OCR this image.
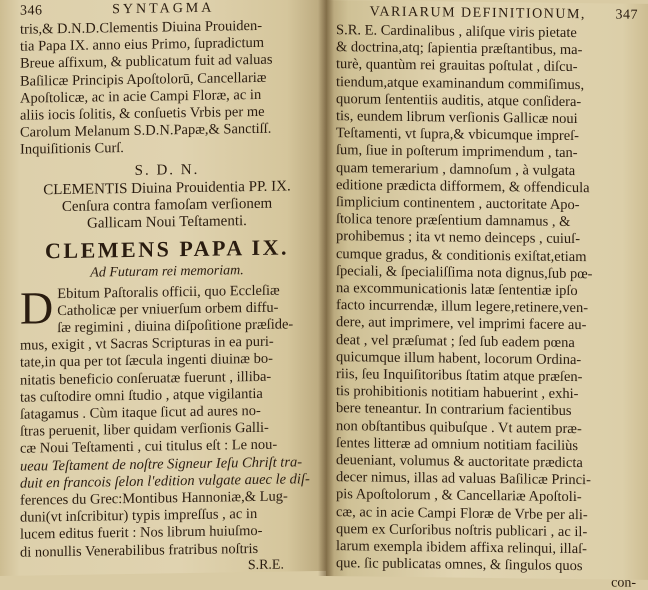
346	SYNTAGMA
tris,& D.N.D.Clementis Diuina Prouiden-
tia Papa IX. anno eius Primo, ſupradictum
Breue aſfixum, & publicatum fuit ad valuas
Baſilicæ Principis Apoſtolorū, Cancellariæ
Apoſtolicæ, ac in acie Campi Floræ, ac in
aliis iocis ſolitis, & conſuetis Vrbis per me
Carolum Melanum S.D.N.Papæ,& Sanctiſſ.
Inquiſitionis Curſ.
S. D. N.
CLEMENTIS Diuina Prouidentia PP. IX.
Cenſura contra famoſam verſionem
Gallicam Noui Teſtamenti.
CLEMENS PAPA IX.
Ad Futuram rei memoriam.
D Ebitum Paſtoralis officii, quo Eccleſiæ
Catholicæ per vniuerſum orbem diffu-
ſæ regimini , diuina diſpoſitione præſide-
mus, exigit , vt Sacras Scripturas in ea puri-
tate,in qua per tot ſæcula ingenti diuinæ bo-
nitatis beneficio conſeruatæ fuerunt , illiba-
tas cuſtodire omni ſtudio , atque vigilantia
ſatagamus . Cùm itaque ſicut ad aures no-
ſtras peruenit, liber quidam verſionis Galli-
cæ Noui Teſtamenti , cui titulus eſt : Le nou-
ueau Teſtament de noſtre Signeur Ieſu Chriſt tra-
duit en francois ſelon l'edition vulgate auec le diſ-
ferences du Grec:Montibus Hannoniæ,& Lug-
duni(vt inſcribitur) typis impreſſus , ac in
lucem editus fuerit : Nos librum huiuſmo-
di nonullis Venerabilibus fratribus noſtris
S.R.E.
VARIARUM DEFINITIONUM, 347
S.R. E. Cardinalibus , aliſque viris pietate
& doctrina,atq; ſapientia præſtantibus, ma-
turè, quantùm rei grauitas poſtulat , diſcu-
tiendum,atque examinandum commiſimus,
quorum ſententiis auditis, atque conſidera-
tis, eundem librum verſionis Gallicæ noui
Teſtamenti, vt ſupra,& vbicumque impreſ-
ſum, ſiue in poſterum imprimendum , tan-
quam temerarium , damnoſum , à vulgata
editione prædicta difformem, & offendicula
ſimplicium continentem , auctoritate Apo-
ſtolica tenore præſentium damnamus , &
prohibemus ; ita vt nemo deinceps , cuiuſ-
cumque gradus, & conditionis exiſtat,etiam
ſpeciali, & ſpecialiſſima nota dignus,ſub pœ-
na excommunicationis latæ ſententiæ ipſo
facto incurrendæ, illum legere,retinere,ven-
dere, aut imprimere, vel imprimi facere au-
deat , vel præſumat ; ſed ſub eadem pœna
quicumque illum habent, locorum Ordina-
riis, ſeu Inquiſitoribus ſtatim atque præſen-
tis prohibitionis notitiam habuerint , exhi-
bere teneantur. In contrarium facientibus
non obſtantibus quibuſque . Vt autem præ-
ſentes litteræ ad omnium notitiam faciliùs
deueniant, volumus & auctoritate prædicta
decer nimus, illas ad valuas Baſilicæ Princi-
pis Apoſtolorum , & Cancellariæ Apoſtoli-
cæ, ac in acie Campi Floræ de Vrbe per ali-
quem ex Curſoribus noſtris publicari , ac il-
larum exempla ibidem affixa relinqui, illaſ-
que. ſic publicatas omnes, & ſingulos quos
con-
